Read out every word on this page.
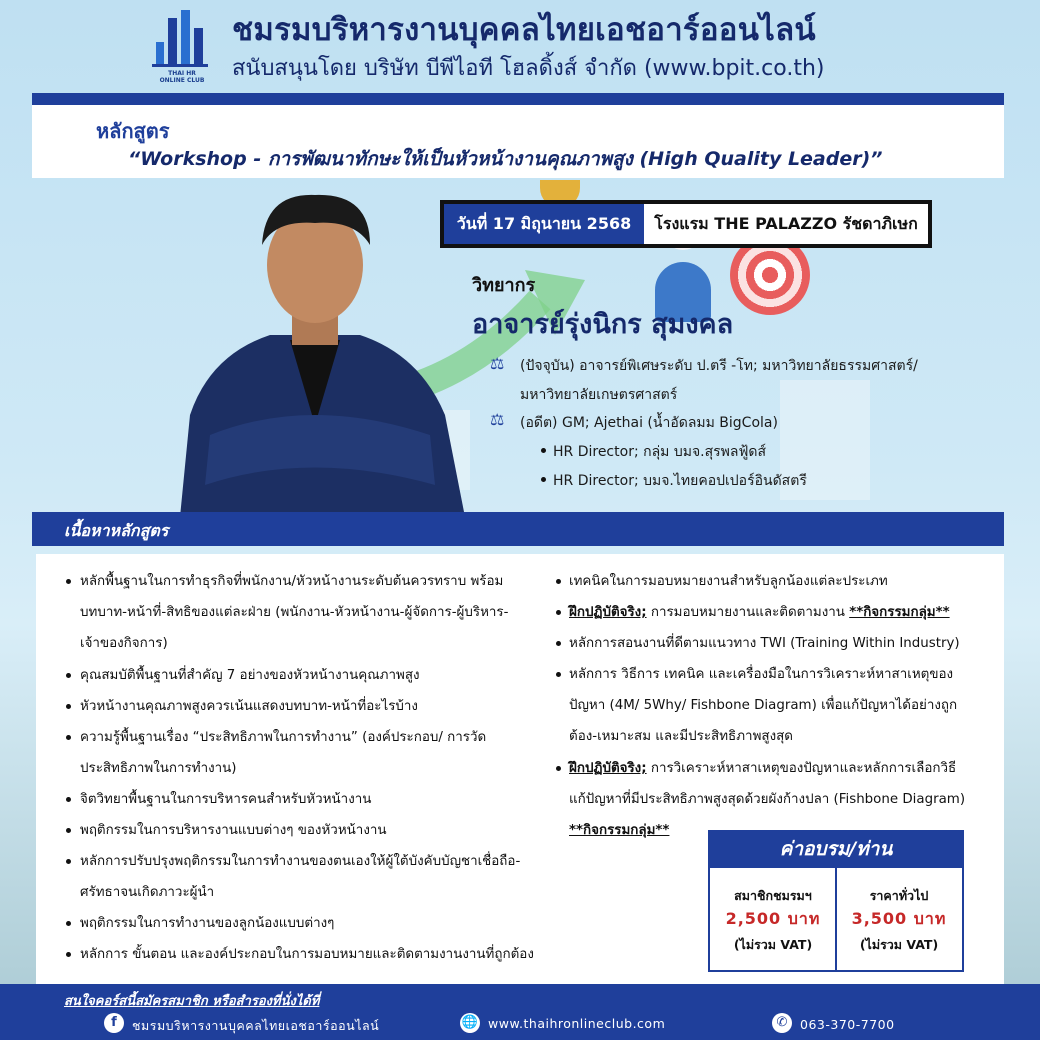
THAI HR
ONLINE CLUB
ชมรมบริหารงานบุคคลไทยเอชอาร์ออนไลน์
สนับสนุนโดย บริษัท บีพีไอที โฮลดิ้งส์ จำกัด (www.bpit.co.th)
หลักสูตร
“Workshop - การพัฒนาทักษะให้เป็นหัวหน้างานคุณภาพสูง (High Quality Leader)”
วันที่ 17 มิถุนายน 2568	โรงแรม THE PALAZZO รัชดาภิเษก
วิทยากร
อาจารย์รุ่งนิกร สุมงคล
⚖ (ปัจจุบัน) อาจารย์พิเศษระดับ ป.ตรี -โท; มหาวิทยาลัยธรรมศาสตร์/
มหาวิทยาลัยเกษตรศาสตร์
⚖ (อดีต) GM; Ajethai (น้ำอัดลมม BigCola)
HR Director; กลุ่ม บมจ.สุรพลฟู้ดส์
HR Director; บมจ.ไทยคอปเปอร์อินดัสตรี
เนื้อหาหลักสูตร
หลักพื้นฐานในการทำธุรกิจที่พนักงาน/หัวหน้างานระดับต้นควรทราบ พร้อม
บทบาท-หน้าที่-สิทธิของแต่ละฝ่าย (พนักงาน-หัวหน้างาน-ผู้จัดการ-ผู้บริหาร-
เจ้าของกิจการ)
คุณสมบัติพื้นฐานที่สำคัญ 7 อย่างของหัวหน้างานคุณภาพสูง
หัวหน้างานคุณภาพสูงควรเน้นแสดงบทบาท-หน้าที่อะไรบ้าง
ความรู้พื้นฐานเรื่อง “ประสิทธิภาพในการทำงาน” (องค์ประกอบ/ การวัด
ประสิทธิภาพในการทำงาน)
จิตวิทยาพื้นฐานในการบริหารคนสำหรับหัวหน้างาน
พฤติกรรมในการบริหารงานแบบต่างๆ ของหัวหน้างาน
หลักการปรับปรุงพฤติกรรมในการทำงานของตนเองให้ผู้ใต้บังคับบัญชาเชื่อถือ-
ศรัทธาจนเกิดภาวะผู้นำ
พฤติกรรมในการทำงานของลูกน้องแบบต่างๆ
หลักการ ขั้นตอน และองค์ประกอบในการมอบหมายและติดตามงานงานที่ถูกต้อง
เทคนิคในการมอบหมายงานสำหรับลูกน้องแต่ละประเภท
ฝึกปฏิบัติจริง; การมอบหมายงานและติดตามงาน **กิจกรรมกลุ่ม**
หลักการสอนงานที่ดีตามแนวทาง TWI (Training Within Industry)
หลักการ วิธีการ เทคนิค และเครื่องมือในการวิเคราะห์หาสาเหตุของ
ปัญหา (4M/ 5Why/ Fishbone Diagram) เพื่อแก้ปัญหาได้อย่างถูก
ต้อง-เหมาะสม และมีประสิทธิภาพสูงสุด
ฝึกปฏิบัติจริง; การวิเคราะห์หาสาเหตุของปัญหาและหลักการเลือกวิธี
แก้ปัญหาที่มีประสิทธิภาพสูงสุดด้วยผังก้างปลา (Fishbone Diagram)
**กิจกรรมกลุ่ม**
ค่าอบรม/ท่าน
สมาชิกชมรมฯ
2,500 บาท
(ไม่รวม VAT)
ราคาทั่วไป
3,500 บาท
(ไม่รวม VAT)
สนใจคอร์สนี้สมัครสมาชิก หรือสำรองที่นั่งได้ที่
f	ชมรมบริหารงานบุคคลไทยเอชอาร์ออนไลน์	🌐 www.thaihronlineclub.com	✆	063-370-7700
